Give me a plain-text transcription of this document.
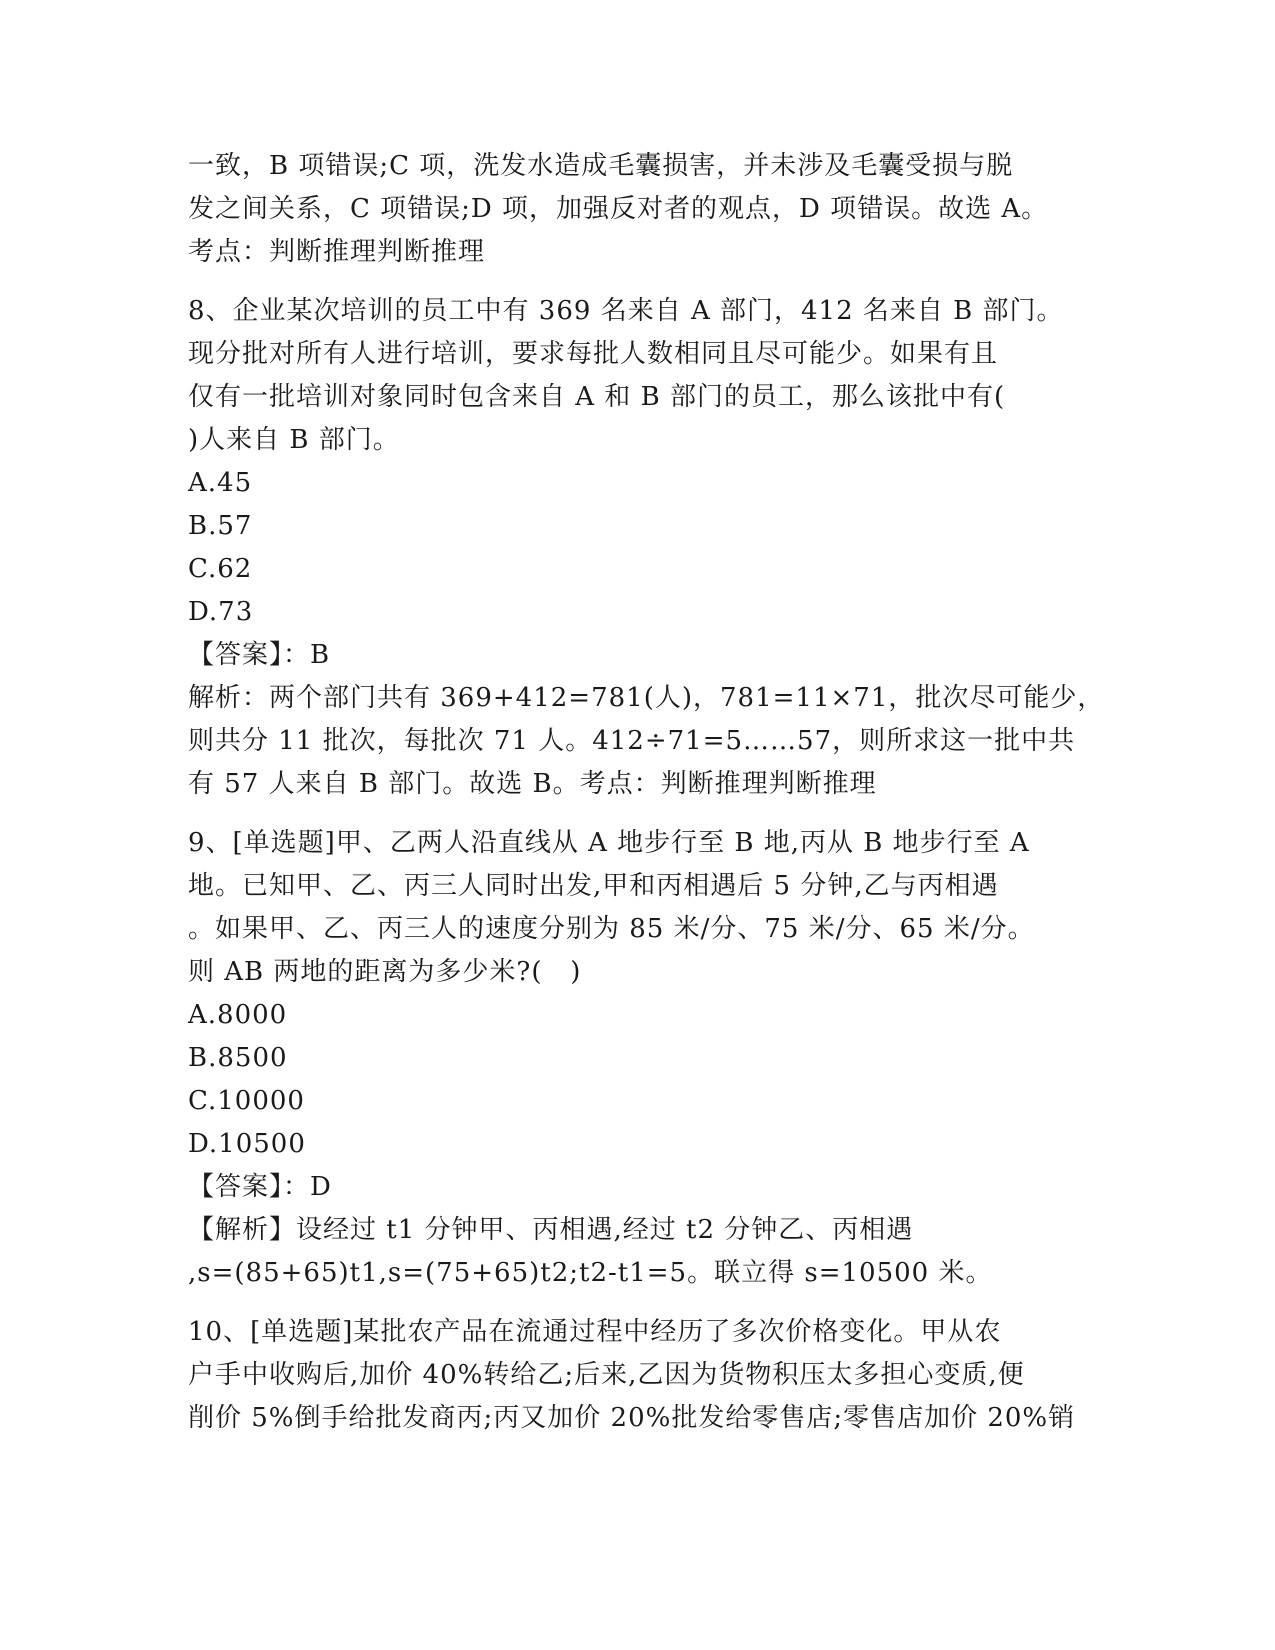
一致，B 项错误;C 项，洗发水造成毛囊损害，并未涉及毛囊受损与脱
发之间关系，C 项错误;D 项，加强反对者的观点，D 项错误。故选 A。
考点：判断推理判断推理
8、企业某次培训的员工中有 369 名来自 A 部门，412 名来自 B 部门。
现分批对所有人进行培训，要求每批人数相同且尽可能少。如果有且
仅有一批培训对象同时包含来自 A 和 B 部门的员工，那么该批中有(
)人来自 B 部门。
A.45
B.57
C.62
D.73
【答案】：B
解析：两个部门共有 369+412=781(人)，781=11×71，批次尽可能少，
则共分 11 批次，每批次 71 人。412÷71=5……57，则所求这一批中共
有 57 人来自 B 部门。故选 B。考点：判断推理判断推理
9、[单选题]甲、乙两人沿直线从 A 地步行至 B 地,丙从 B 地步行至 A
地。已知甲、乙、丙三人同时出发,甲和丙相遇后 5 分钟,乙与丙相遇
。如果甲、乙、丙三人的速度分别为 85 米/分、75 米/分、65 米/分。
则 AB 两地的距离为多少米?(   )
A.8000
B.8500
C.10000
D.10500
【答案】：D
【解析】设经过 t1 分钟甲、丙相遇,经过 t2 分钟乙、丙相遇
,s=(85+65)t1,s=(75+65)t2;t2-t1=5。联立得 s=10500 米。
10、[单选题]某批农产品在流通过程中经历了多次价格变化。甲从农
户手中收购后,加价 40%转给乙;后来,乙因为货物积压太多担心变质,便
削价 5%倒手给批发商丙;丙又加价 20%批发给零售店;零售店加价 20%销
